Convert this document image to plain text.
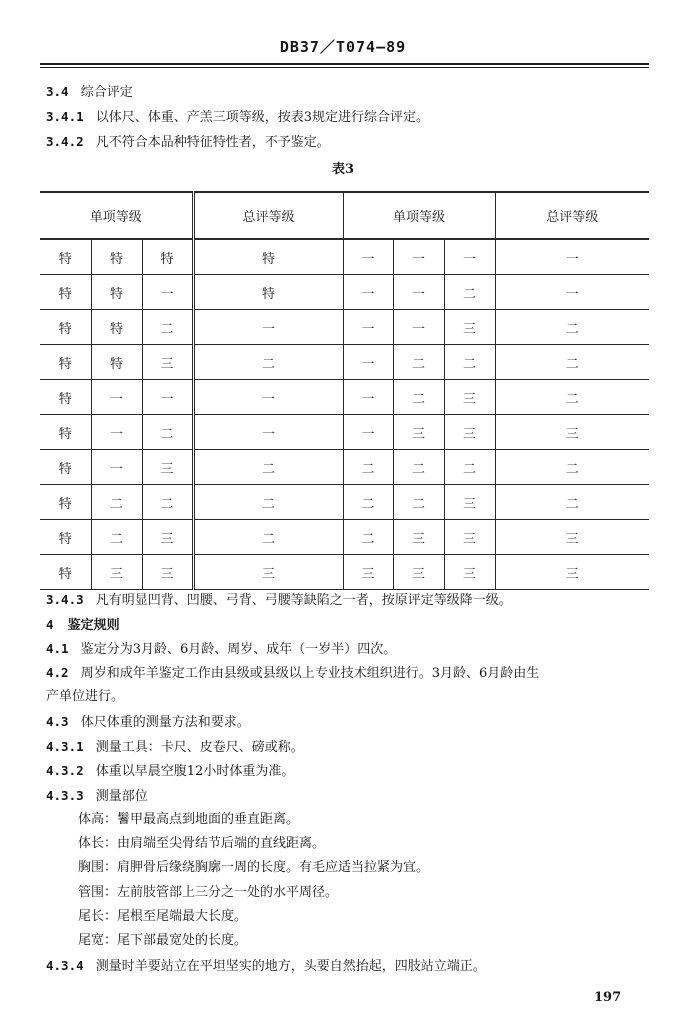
DB37／T074—89
3.4 综合评定
3.4.1 以体尺、体重、产羔三项等级，按表3规定进行综合评定。
3.4.2 凡不符合本品种特征特性者，不予鉴定。
表3
单项等级			总评等级	单项等级			总评等级
特	特	特	特	一	一	一	一
特	特	一	特	一	一	二	一
特	特	二	一	一	一	三	二
特	特	三	二	一	二	二	二
特	一	一	一	一	二	三	二
特	一	二	一	一	三	三	三
特	一	三	二	二	二	二	二
特	二	二	二	二	二	三	二
特	二	三	二	二	三	三	三
特	三	三	三	三	三	三	三
3.4.3 凡有明显凹背、凹腰、弓背、弓腰等缺陷之一者，按原评定等级降一级。
4 鉴定规则
4.1 鉴定分为3月龄、6月龄、周岁、成年（一岁半）四次。
4.2 周岁和成年羊鉴定工作由县级或县级以上专业技术组织进行。3月龄、6月龄由生
产单位进行。
4.3 体尺体重的测量方法和要求。
4.3.1 测量工具：卡尺、皮卷尺、磅或称。
4.3.2 体重以早晨空腹12小时体重为准。
4.3.3 测量部位
体高：鬐甲最高点到地面的垂直距离。
体长：由肩端至尖骨结节后端的直线距离。
胸围：肩胛骨后缘绕胸廓一周的长度。有毛应适当拉紧为宜。
管围：左前肢管部上三分之一处的水平周径。
尾长：尾根至尾端最大长度。
尾宽：尾下部最宽处的长度。
4.3.4 测量时羊要站立在平坦坚实的地方，头要自然抬起，四肢站立端正。
197
